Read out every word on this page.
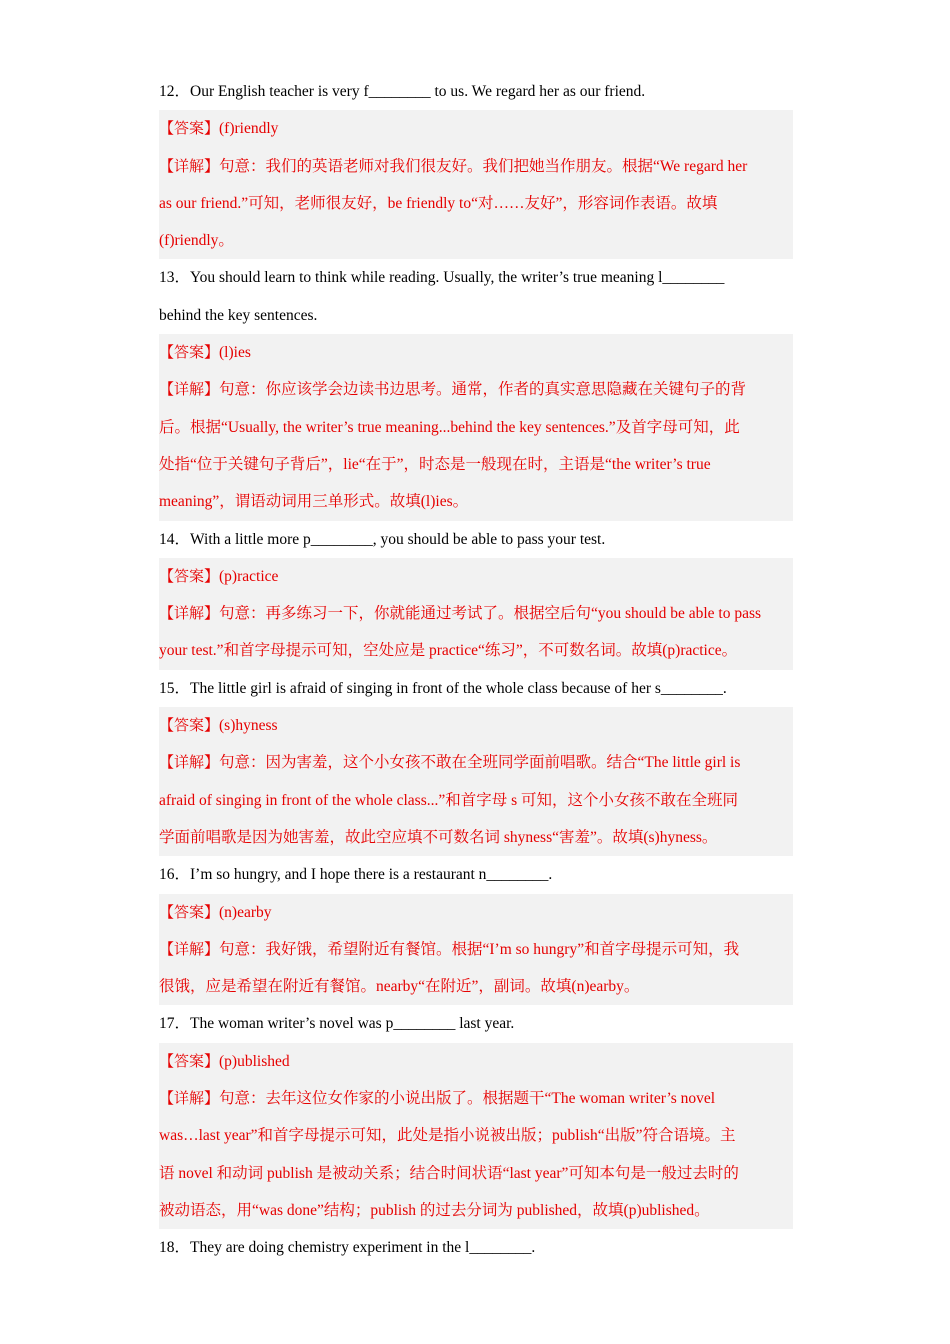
12．Our English teacher is very f________ to us. We regard her as our friend.
【答案】(f)riendly
【详解】句意：我们的英语老师对我们很友好。我们把她当作朋友。根据“We regard her
as our friend.”可知，老师很友好，be friendly to“对……友好”，形容词作表语。故填
(f)riendly。
13．You should learn to think while reading. Usually, the writer’s true meaning l________
behind the key sentences.
【答案】(l)ies
【详解】句意：你应该学会边读书边思考。通常，作者的真实意思隐藏在关键句子的背
后。根据“Usually, the writer’s true meaning...behind the key sentences.”及首字母可知，此
处指“位于关键句子背后”，lie“在于”，时态是一般现在时，主语是“the writer’s true
meaning”，谓语动词用三单形式。故填(l)ies。
14．With a little more p________, you should be able to pass your test.
【答案】(p)ractice
【详解】句意：再多练习一下，你就能通过考试了。根据空后句“you should be able to pass
your test.”和首字母提示可知，空处应是 practice“练习”，不可数名词。故填(p)ractice。
15．The little girl is afraid of singing in front of the whole class because of her s________.
【答案】(s)hyness
【详解】句意：因为害羞，这个小女孩不敢在全班同学面前唱歌。结合“The little girl is
afraid of singing in front of the whole class...”和首字母 s 可知，这个小女孩不敢在全班同
学面前唱歌是因为她害羞，故此空应填不可数名词 shyness“害羞”。故填(s)hyness。
16．I’m so hungry, and I hope there is a restaurant n________.
【答案】(n)earby
【详解】句意：我好饿，希望附近有餐馆。根据“I’m so hungry”和首字母提示可知，我
很饿，应是希望在附近有餐馆。nearby“在附近”，副词。故填(n)earby。
17．The woman writer’s novel was p________ last year.
【答案】(p)ublished
【详解】句意：去年这位女作家的小说出版了。根据题干“The woman writer’s novel
was…last year”和首字母提示可知，此处是指小说被出版；publish“出版”符合语境。主
语 novel 和动词 publish 是被动关系；结合时间状语“last year”可知本句是一般过去时的
被动语态，用“was done”结构；publish 的过去分词为 published，故填(p)ublished。
18．They are doing chemistry experiment in the l________.
